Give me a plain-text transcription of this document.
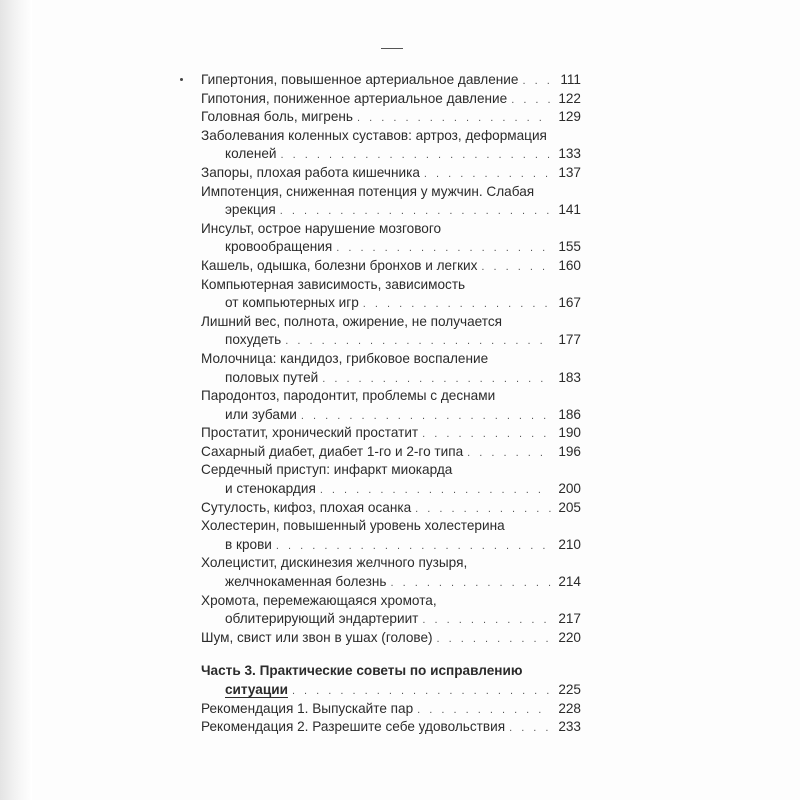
Гипертония, повышенное артериальное давление . . .	111
Гипотония, пониженное артериальное давление . . .	122
Головная боль, мигрень . . .	129
Заболевания коленных суставов: артроз, деформация
коленей . . .	133
Запоры, плохая работа кишечника . . .	137
Импотенция, сниженная потенция у мужчин. Слабая
эрекция . . .	141
Инсульт, острое нарушение мозгового
кровообращения . . .	155
Кашель, одышка, болезни бронхов и легких . . .	160
Компьютерная зависимость, зависимость
от компьютерных игр . . .	167
Лишний вес, полнота, ожирение, не получается
похудеть . . .	177
Молочница: кандидоз, грибковое воспаление
половых путей . . .	183
Пародонтоз, пародонтит, проблемы с деснами
или зубами . . .	186
Простатит, хронический простатит . . .	190
Сахарный диабет, диабет 1-го и 2-го типа . . .	196
Сердечный приступ: инфаркт миокарда
и стенокардия . . .	200
Сутулость, кифоз, плохая осанка . . .	205
Холестерин, повышенный уровень холестерина
в крови . . .	210
Холецистит, дискинезия желчного пузыря,
желчнокаменная болезнь . . .	214
Хромота, перемежающаяся хромота,
облитерирующий эндартериит . . .	217
Шум, свист или звон в ушах (голове) . . .	220
Часть 3. Практические советы по исправлению
ситуации . . .	225
Рекомендация 1. Выпускайте пар . . .	228
Рекомендация 2. Разрешите себе удовольствия . . .	233
